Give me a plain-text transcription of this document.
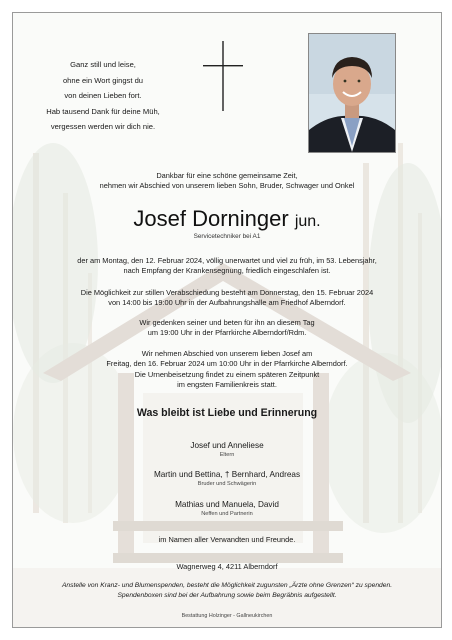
Ganz still und leise,
ohne ein Wort gingst du
von deinen Lieben fort.
Hab tausend Dank für deine Müh,
vergessen werden wir dich nie.
Dankbar für eine schöne gemeinsame Zeit,
nehmen wir Abschied von unserem lieben Sohn, Bruder, Schwager und Onkel
Josef Dorninger jun.
Servicetechniker bei A1
der am Montag, den 12. Februar 2024, völlig unerwartet und viel zu früh, im 53. Lebensjahr,
nach Empfang der Krankensegnung, friedlich eingeschlafen ist.
Die Möglichkeit zur stillen Verabschiedung besteht am Donnerstag, den 15. Februar 2024
von 14:00 bis 19:00 Uhr in der Aufbahrungshalle am Friedhof Alberndorf.
Wir gedenken seiner und beten für ihn an diesem Tag
um 19:00 Uhr in der Pfarrkirche Alberndorf/Rdm.
Wir nehmen Abschied von unserem lieben Josef am
Freitag, den 16. Februar 2024 um 10:00 Uhr in der Pfarrkirche Alberndorf.
Die Urnenbeisetzung findet zu einem späteren Zeitpunkt
im engsten Familienkreis statt.
Was bleibt ist Liebe und Erinnerung
Josef und Anneliese
Eltern
Martin und Bettina, † Bernhard, Andreas
Bruder und Schwägerin
Mathias und Manuela, David
Neffen und Partnerin
im Namen aller Verwandten und Freunde.
Wagnerweg 4, 4211 Alberndorf
Anstelle von Kranz- und Blumenspenden, besteht die Möglichkeit zugunsten „Ärzte ohne Grenzen“ zu spenden.
Spendenboxen sind bei der Aufbahrung sowie beim Begräbnis aufgestellt.
Bestattung Holzinger - Gallneukirchen
